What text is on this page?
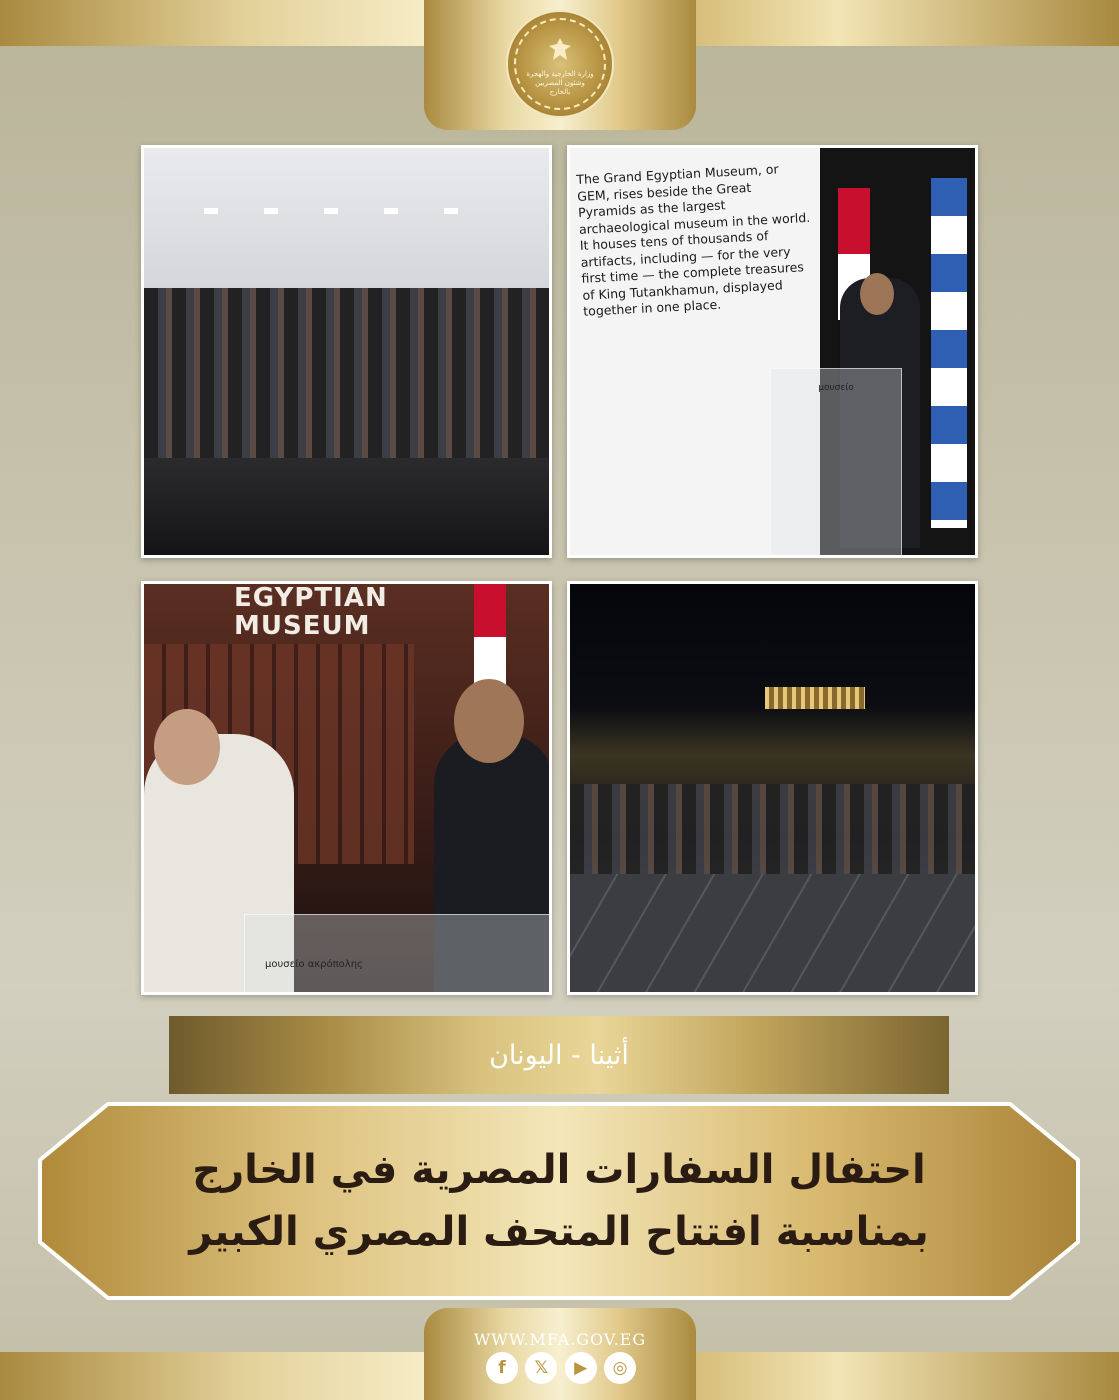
وزارة الخارجية والهجرة وشئون المصريين بالخارج
The Grand Egyptian Museum, or GEM, rises beside the Great Pyramids as the largest archaeological museum in the world. It houses tens of thousands of artifacts, including — for the very first time — the complete treasures of King Tutankhamun, displayed together in one place.
μουσείο
EGYPTIAN
MUSEUM
μουσείο ακρόπολης
أثينا - اليونان
احتفال السفارات المصرية في الخارج
بمناسبة افتتاح المتحف المصري الكبير
WWW.MFA.GOV.EG
f	𝕏	▶	◎
